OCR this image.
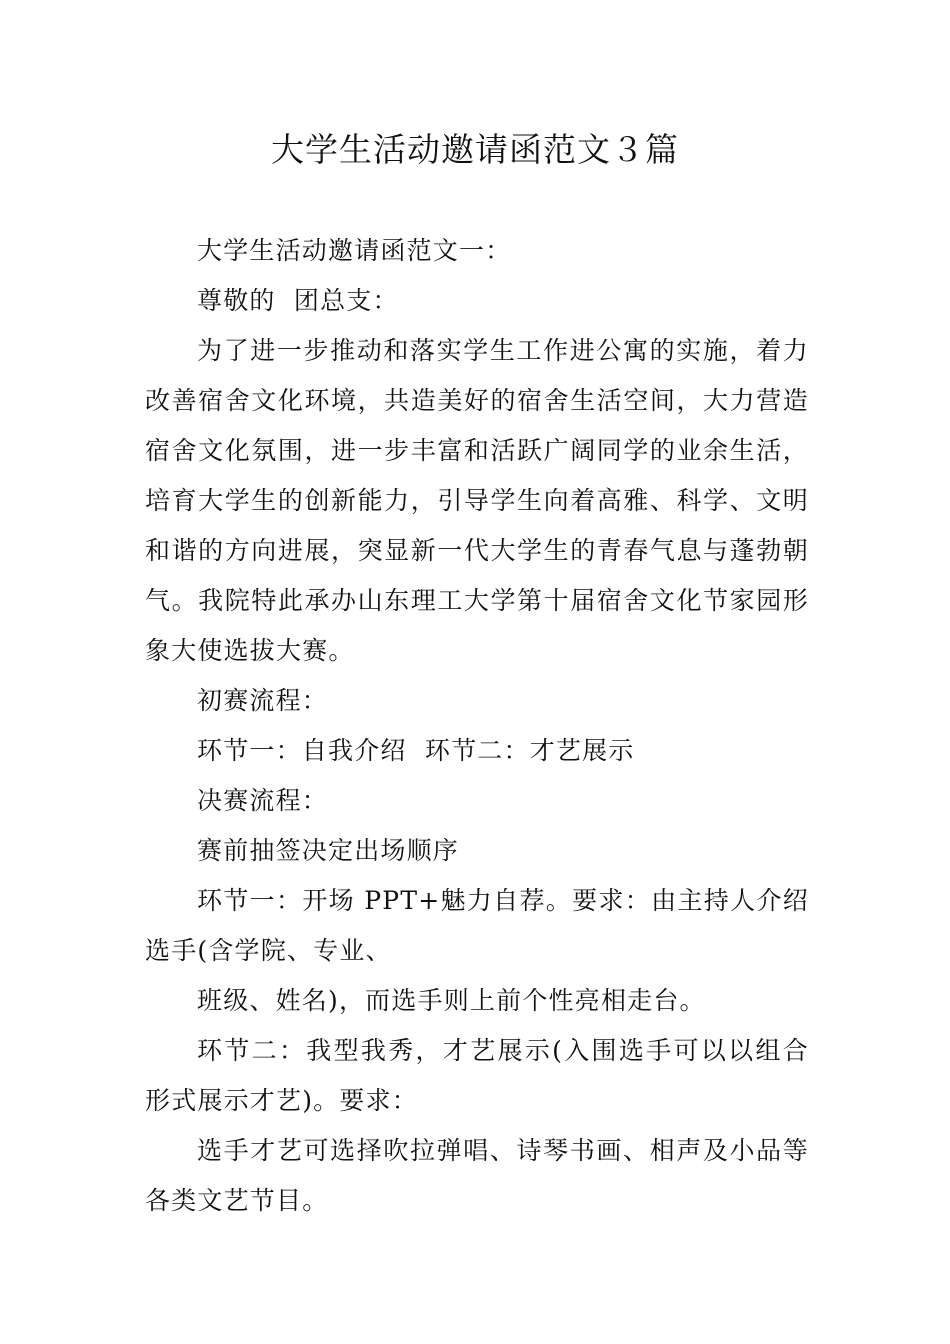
大学生活动邀请函范文３篇

大学生活动邀请函范文一：

尊敬的  团总支：

为了进一步推动和落实学生工作进公寓的实施，着力改善宿舍文化环境，共造美好的宿舍生活空间，大力营造宿舍文化氛围，进一步丰富和活跃广阔同学的业余生活，培育大学生的创新能力，引导学生向着高雅、科学、文明和谐的方向进展，突显新一代大学生的青春气息与蓬勃朝气。我院特此承办山东理工大学第十届宿舍文化节家园形象大使选拔大赛。

初赛流程：

环节一：自我介绍  环节二：才艺展示

决赛流程：

赛前抽签决定出场顺序

环节一：开场 PPT+魅力自荐。要求：由主持人介绍选手(含学院、专业、

班级、姓名)，而选手则上前个性亮相走台。

环节二：我型我秀，才艺展示(入围选手可以以组合形式展示才艺)。要求：

选手才艺可选择吹拉弹唱、诗琴书画、相声及小品等各类文艺节目。
